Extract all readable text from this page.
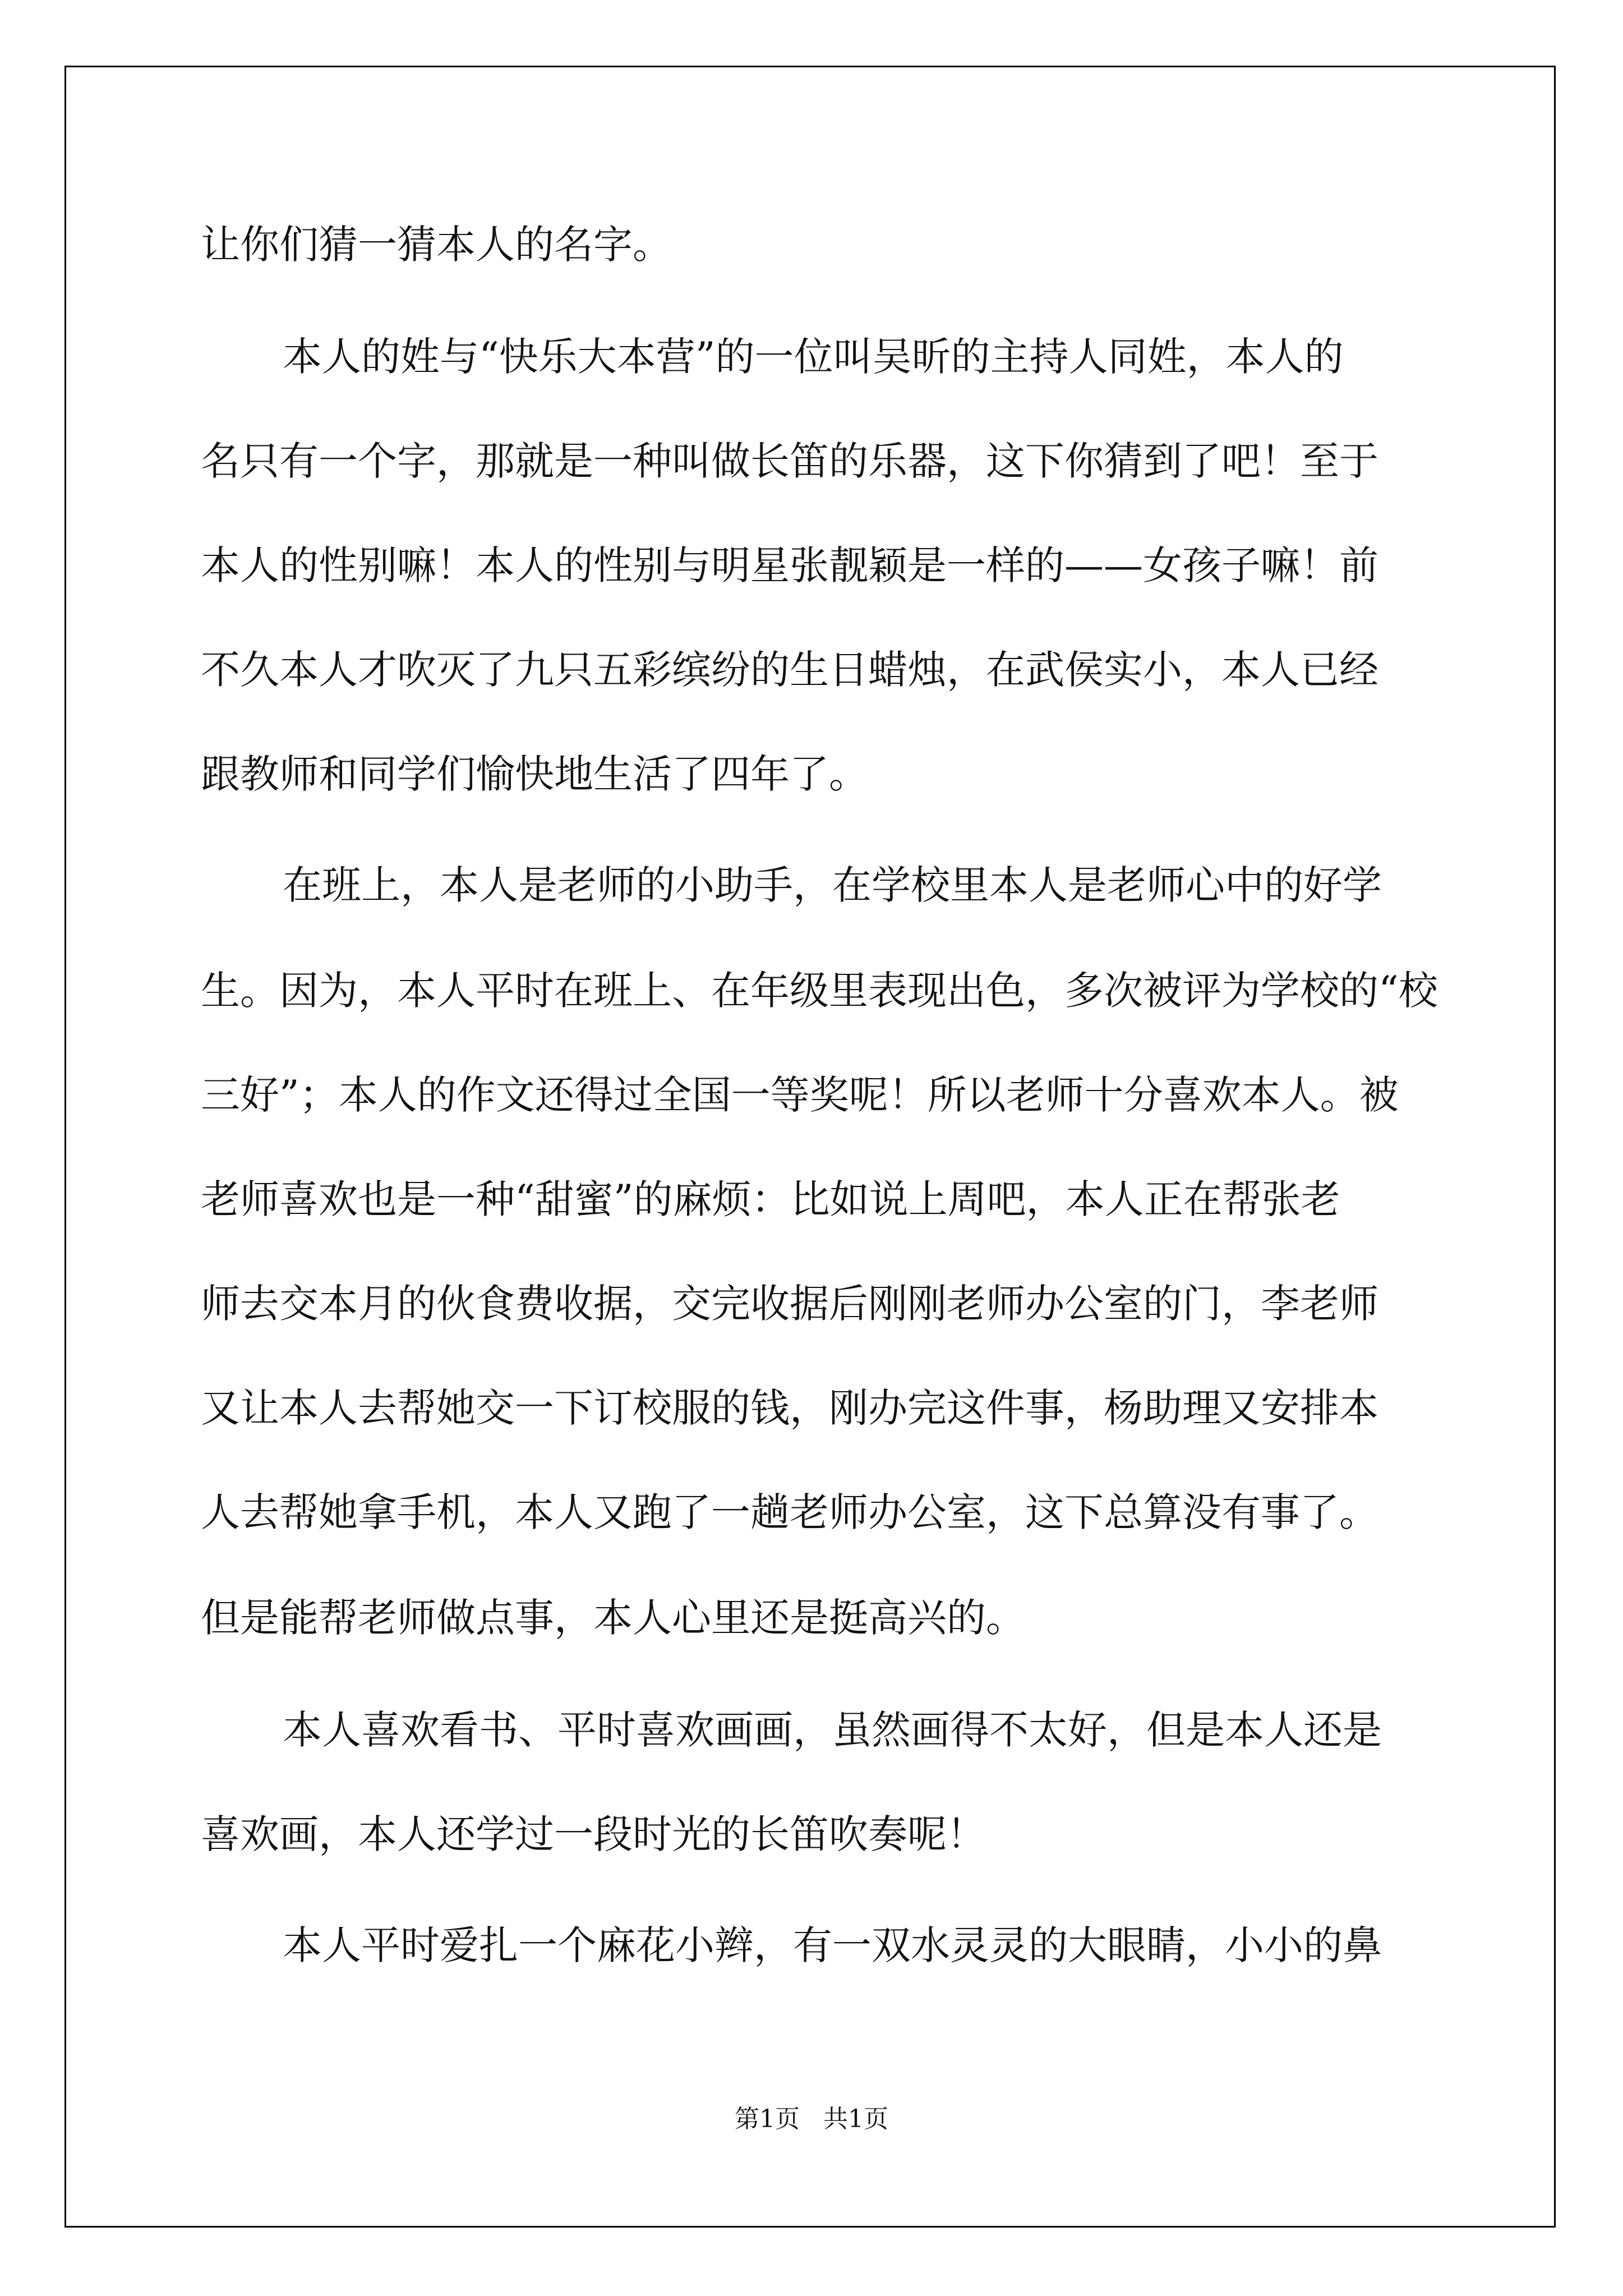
让你们猜一猜本人的名字。

本人的姓与“快乐大本营”的一位叫吴昕的主持人同姓，本人的

名只有一个字，那就是一种叫做长笛的乐器，这下你猜到了吧！至于

本人的性别嘛！本人的性别与明星张靓颖是一样的——女孩子嘛！前

不久本人才吹灭了九只五彩缤纷的生日蜡烛，在武侯实小，本人已经

跟教师和同学们愉快地生活了四年了。

在班上，本人是老师的小助手，在学校里本人是老师心中的好学

生。因为，本人平时在班上、在年级里表现出色，多次被评为学校的“校

三好”；本人的作文还得过全国一等奖呢！所以老师十分喜欢本人。被

老师喜欢也是一种“甜蜜”的麻烦：比如说上周吧，本人正在帮张老

师去交本月的伙食费收据，交完收据后刚刚老师办公室的门，李老师

又让本人去帮她交一下订校服的钱，刚办完这件事，杨助理又安排本

人去帮她拿手机，本人又跑了一趟老师办公室，这下总算没有事了。

但是能帮老师做点事，本人心里还是挺高兴的。

本人喜欢看书、平时喜欢画画，虽然画得不太好，但是本人还是

喜欢画，本人还学过一段时光的长笛吹奏呢！

本人平时爱扎一个麻花小辫，有一双水灵灵的大眼睛，小小的鼻

第1页 共1页
